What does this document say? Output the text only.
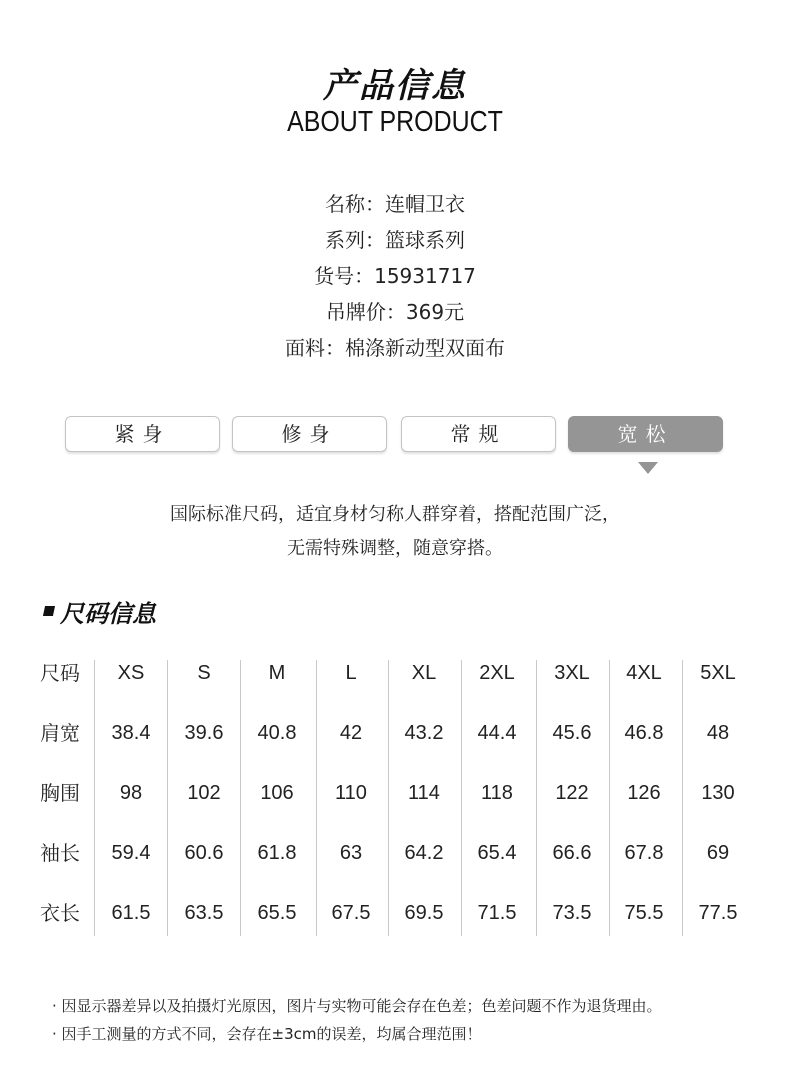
产品信息
ABOUT PRODUCT
名称：连帽卫衣
系列：篮球系列
货号：15931717
吊牌价：369元
面料：棉涤新动型双面布
紧身	修身	常规	宽松
国际标准尺码，适宜身材匀称人群穿着，搭配范围广泛，
无需特殊调整，随意穿搭。
尺码信息
尺码	XS	S	M	L	XL	2XL	3XL	4XL	5XL
肩宽	38.4	39.6	40.8	42	43.2	44.4	45.6	46.8	48
胸围	98	102	106	110	114	118	122	126	130
袖长	59.4	60.6	61.8	63	64.2	65.4	66.6	67.8	69
衣长	61.5	63.5	65.5	67.5	69.5	71.5	73.5	75.5	77.5
· 因显示器差异以及拍摄灯光原因，图片与实物可能会存在色差；色差问题不作为退货理由。
· 因手工测量的方式不同，会存在±3cm的误差，均属合理范围！
